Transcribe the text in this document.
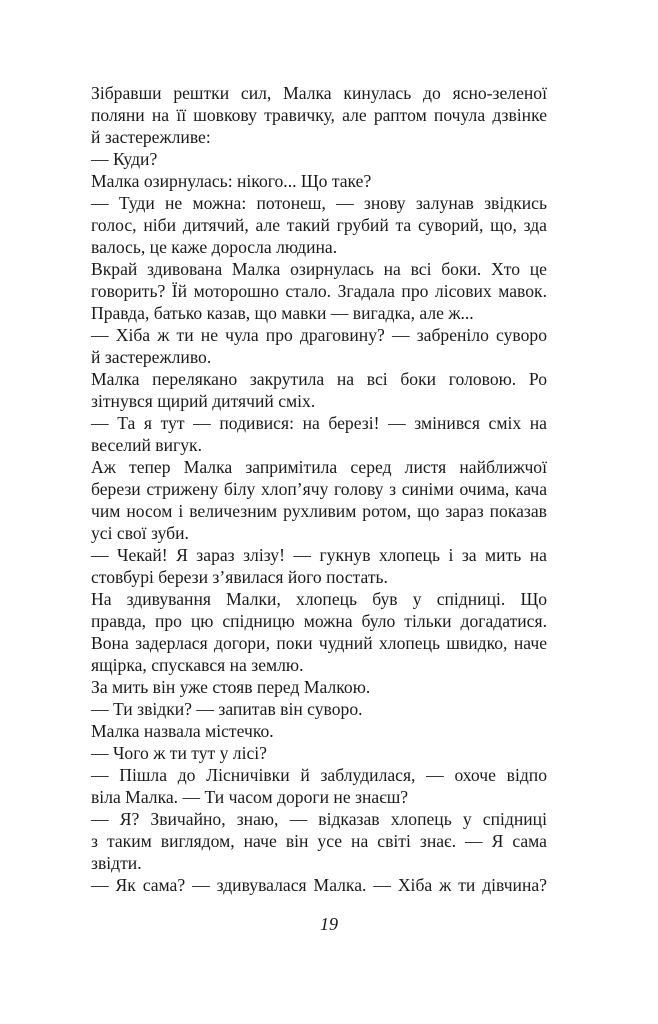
Зібравши рештки сил, Малка кинулась до ясно-зеленої
поляни на її шовкову травичку, але раптом почула дзвінке
й застережливе:
— Куди?
Малка озирнулась: нікого... Що таке?
— Туди не можна: потонеш, — знову залунав звідкись
голос, ніби дитячий, але такий грубий та суворий, що, зда
валось, це каже доросла людина.
Вкрай здивована Малка озирнулась на всі боки. Хто це
говорить? Їй моторошно стало. Згадала про лісових мавок.
Правда, батько казав, що мавки — вигадка, але ж...
— Хіба ж ти не чула про драговину? — забреніло суворо
й застережливо.
Малка перелякано закрутила на всі боки головою. Ро
зітнувся щирий дитячий сміх.
— Та я тут — подивися: на березі! — змінився сміх на
веселий вигук.
Аж тепер Малка запримітила серед листя найближчої
берези стрижену білу хлоп’ячу голову з синіми очима, кача
чим носом і величезним рухливим ротом, що зараз показав
усі свої зуби.
— Чекай! Я зараз злізу! — гукнув хлопець і за мить на
стовбурі берези з’явилася його постать.
На здивування Малки, хлопець був у спідниці. Що
правда, про цю спідницю можна було тільки догадатися.
Вона задерлася догори, поки чудний хлопець швидко, наче
ящірка, спускався на землю.
За мить він уже стояв перед Малкою.
— Ти звідки? — запитав він суворо.
Малка назвала містечко.
— Чого ж ти тут у лісі?
— Пішла до Лісничівки й заблудилася, — охоче відпо
віла Малка. — Ти часом дороги не знаєш?
— Я? Звичайно, знаю, — відказав хлопець у спідниці
з таким виглядом, наче він усе на світі знає. — Я сама
звідти.
— Як сама? — здивувалася Малка. — Хіба ж ти дівчина?
19
